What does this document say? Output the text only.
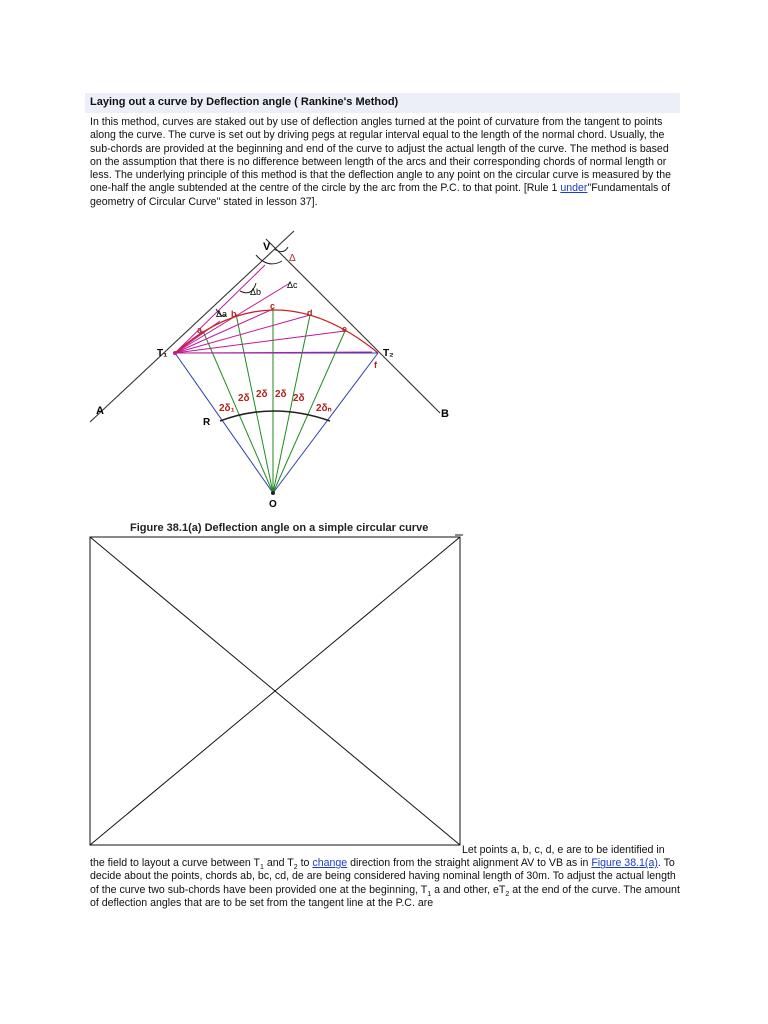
Laying out a curve by Deflection angle ( Rankine's Method)

In this method, curves are staked out by use of deflection angles turned at the point of curvature from the tangent to points along the curve. The curve is set out by driving pegs at regular interval equal to the length of the normal chord. Usually, the sub-chords are provided at the beginning and end of the curve to adjust the actual length of the curve. The method is based on the assumption that there is no difference between length of the arcs and their corresponding chords of normal length or less. The underlying principle of this method is that the deflection angle to any point on the circular curve is measured by the one-half the angle subtended at the centre of the circle by the arc from the P.C. to that point. [Rule 1 under"Fundamentals of geometry of Circular Curve" stated in lesson 37].

V
Δ
Δc
Δb
Δa
a
b
c
d
e
f
T₁	T₂
A	B
R
O
2δ₁
2δ 2δ 2δ 2δ
2δₙ
Figure 38.1(a) Deflection angle on a simple circular curve

Let points a, b, c, d, e are to be identified in the field to layout a curve between $T_1$ and $T_2$ to change direction from the straight alignment AV to VB as in Figure 38.1(a). To decide about the points, chords ab, bc, cd, de are being considered having nominal length of 30m. To adjust the actual length of the curve two sub-chords have been provided one at the beginning, $T_1$ a and other, $eT_2$ at the end of the curve. The amount of deflection angles that are to be set from the tangent line at the P.C. are
